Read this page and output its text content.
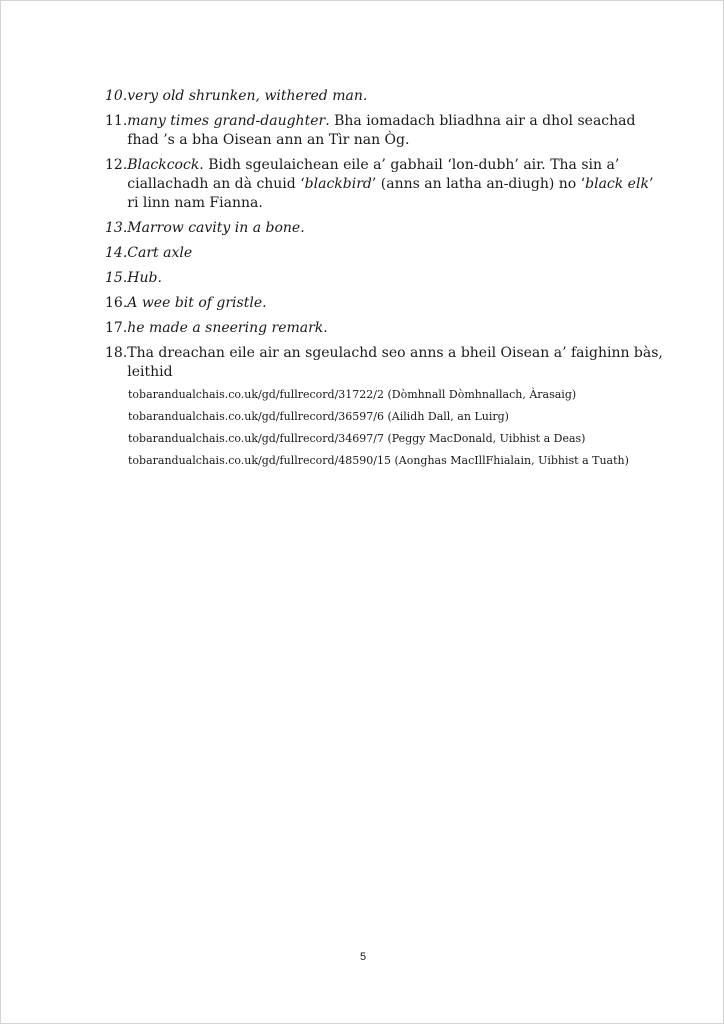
10. very old shrunken, withered man.
11. many times grand-daughter. Bha iomadach bliadhna air a dhol seachad fhad ’s a bha Oisean ann an Tìr nan Òg.
12. Blackcock. Bidh sgeulaichean eile a’ gabhail ‘lon-dubh’ air. Tha sin a’ ciallachadh an dà chuid ‘blackbird’ (anns an latha an-diugh) no ‘black elk’ ri linn nam Fianna.
13. Marrow cavity in a bone.
14. Cart axle
15. Hub.
16. A wee bit of gristle.
17. he made a sneering remark.
18. Tha dreachan eile air an sgeulachd seo anns a bheil Oisean a’ faighinn bàs, leithid
tobarandualchais.co.uk/gd/fullrecord/31722/2 (Dòmhnall Dòmhnallach, Àrasaig)
tobarandualchais.co.uk/gd/fullrecord/36597/6 (Ailidh Dall, an Luirg)
tobarandualchais.co.uk/gd/fullrecord/34697/7 (Peggy MacDonald, Uibhist a Deas)
tobarandualchais.co.uk/gd/fullrecord/48590/15 (Aonghas MacIllFhialain, Uibhist a Tuath)
5
